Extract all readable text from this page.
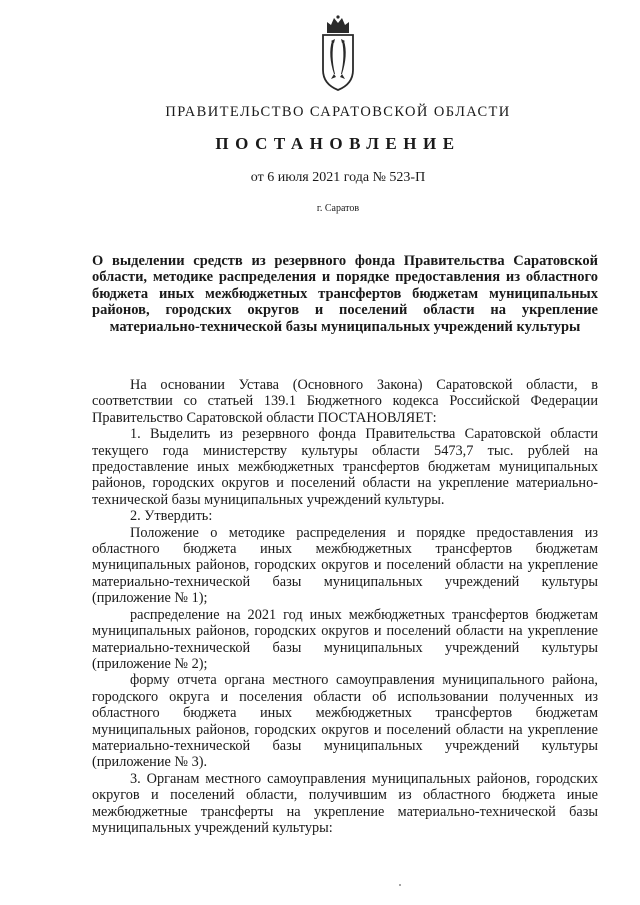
ПРАВИТЕЛЬСТВО САРАТОВСКОЙ ОБЛАСТИ
ПОСТАНОВЛЕНИЕ
от 6 июля 2021 года № 523-П
г. Саратов
О выделении средств из резервного фонда Правительства Саратовской области, методике распределения и порядке предоставления из областного бюджета иных межбюджетных трансфертов бюджетам муниципальных районов, городских округов и поселений области на укрепление материально-технической базы муниципальных учреждений культуры

На основании Устава (Основного Закона) Саратовской области, в соответствии со статьей 139.1 Бюджетного кодекса Российской Федерации Правительство Саратовской области ПОСТАНОВЛЯЕТ:

1. Выделить из резервного фонда Правительства Саратовской области текущего года министерству культуры области 5473,7 тыс. рублей на предоставление иных межбюджетных трансфертов бюджетам муниципальных районов, городских округов и поселений области на укрепление материально-технической базы муниципальных учреждений культуры.

2. Утвердить:

Положение о методике распределения и порядке предоставления из областного бюджета иных межбюджетных трансфертов бюджетам муниципальных районов, городских округов и поселений области на укрепление материально-технической базы муниципальных учреждений культуры (приложение № 1);

распределение на 2021 год иных межбюджетных трансфертов бюджетам муниципальных районов, городских округов и поселений области на укрепление материально-технической базы муниципальных учреждений культуры (приложение № 2);

форму отчета органа местного самоуправления муниципального района, городского округа и поселения области об использовании полученных из областного бюджета иных межбюджетных трансфертов бюджетам муниципальных районов, городских округов и поселений области на укрепление материально-технической базы муниципальных учреждений культуры (приложение № 3).

3. Органам местного самоуправления муниципальных районов, городских округов и поселений области, получившим из областного бюджета иные межбюджетные трансферты на укрепление материально-технической базы муниципальных учреждений культуры:
